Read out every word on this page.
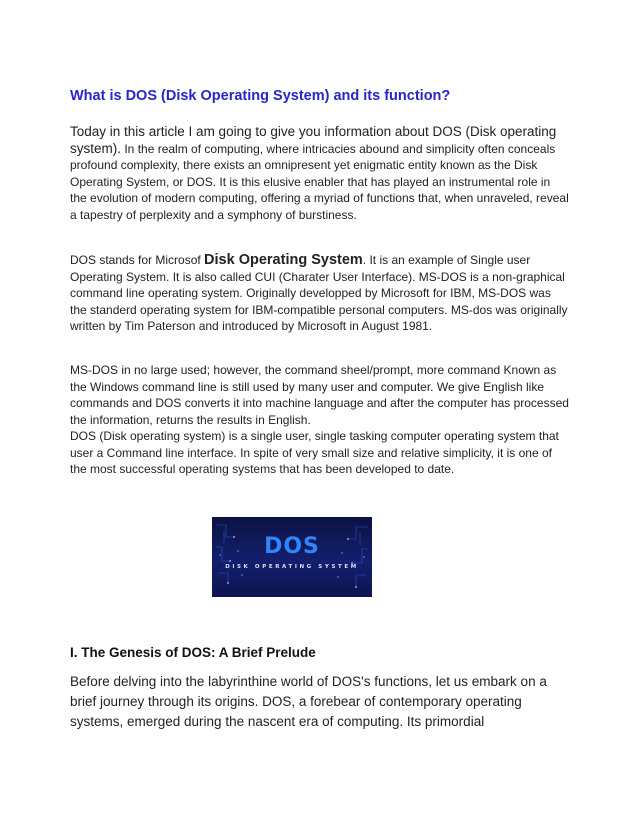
What is DOS (Disk Operating System) and its function?

Today in this article I am going to give you information about DOS (Disk operating system). In the realm of computing, where intricacies abound and simplicity often conceals profound complexity, there exists an omnipresent yet enigmatic entity known as the Disk Operating System, or DOS. It is this elusive enabler that has played an instrumental role in the evolution of modern computing, offering a myriad of functions that, when unraveled, reveal a tapestry of perplexity and a symphony of burstiness.

DOS stands for Microsof Disk Operating System. It is an example of Single user Operating System. It is also called CUI (Charater User Interface). MS-DOS is a non-graphical command line operating system. Originally developped by Microsoft for IBM, MS-DOS was the standerd operating system for IBM-compatible personal computers. MS-dos was originally written by Tim Paterson and introduced by Microsoft in August 1981.

MS-DOS in no large used; however, the command sheel/prompt, more command Known as the Windows command line is still used by many user and computer. We give English like commands and DOS converts it into machine language and after the computer has processed the information, returns the results in English.
DOS (Disk operating system) is a single user, single tasking computer operating system that user a Command line interface. In spite of very small size and relative simplicity, it is one of the most successful operating systems that has been developed to date.

DOS
DISK OPERATING SYSTEM
I. The Genesis of DOS: A Brief Prelude

Before delving into the labyrinthine world of DOS's functions, let us embark on a brief journey through its origins. DOS, a forebear of contemporary operating systems, emerged during the nascent era of computing. Its primordial
